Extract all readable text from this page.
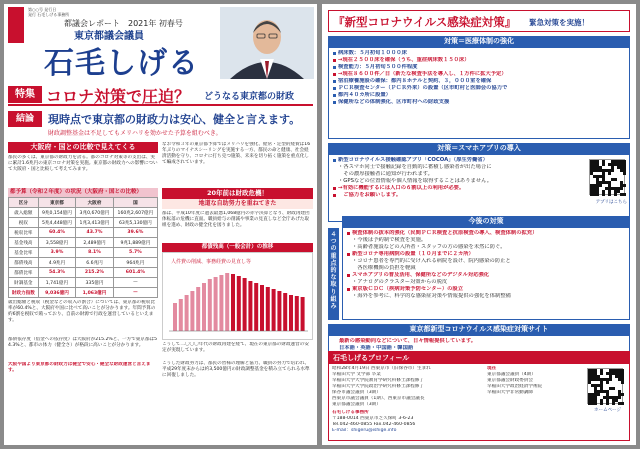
第○○号 発行日
発行 石毛しげる事務所
都議会レポート　2021年 初春号
東京都議会議員
石毛しげる
特集 コロナ対策で圧迫？ どうなる東京都の財政
結論	現時点で東京都の財政力は安心、健全と言えます。
財政調整基金は不足してもメリハリを効かせた予算を組むべき。
大阪府・国との比較で見えてくる
都民の多くは、東京都の財政力を誇る。都のコロナ対策等の支出は、実に累計1.6兆円の東京コロナ対策を実施。東京都の財政力への影響について大阪府・国と比較して考えてみます。
都予算（令和２年度）の状況（大阪府・国との比較）
区分	東京都	大阪府	国
歳入総額	9兆0,154億円	3兆0,670億円	160兆2,607億円
税収	5兆4,448億円	1兆3,413億円	63兆5,130億円
税収比率	60.4%	43.7%	39.6%
基金残高	3,558億円	2,489億円	9兆1,889億円
基金比率	3.9%	8.1%	5.7%
都債残高	4.9兆円	6.6兆円	964兆円
都債比率	54.3%	215.2%	601.4%
財調基金	1,741億円	335億円	—
財政力指数	9,036億円	1,063億円	—
歳出総額と税収（税金などの収入の割合）については、東京都の税収比率が60.4%と、大阪府や国に比べて高いことが分かります。年間予算の約6割を税収で賄っており、自前の財源で行政を運営しているといえます。
都債依存度（借金への依存度）は大阪府が215.2%と、一方で東京都は54.3%と、都市の体力（健全さ）が格段に高いことが分かります。
大阪や国より東京都の財政力は健全で安心・健全な財政運営と言えます。
なお令和３年の東京都予算ではメリハリを強化、経常・定型的経費は16年ぶりのマイナスシーリングを実施する一方、都民の命と健康、社会経済活動を守り、コロナに打ち克つ施策、未来を切り拓く施策を重点化して編成されています。
20年前は財政危機！
地道な自助努力を重ねてきた
都は、平成10年度に過去最悪1,068億円の赤字決算となり、財政再建団体転落の危機に直面。職員給与の削減や事業の見直しなど全庁あげた取組を進め、財政の健全化を図りました。
都債残高（一般会計）の推移
人件費の削減、事務経費の見直し等
こうして二〇〇〇年代の財政再建を経て、現在の東京都の財政運営の安定が実現しています。
こうした財政努力は、都民の皆様の理解と協力、職員の努力で培われ、平成29年度末からは約3,500億円の財政調整基金を積み立てられる水準に回復しました。
『新型コロナウイルス感染症対策』 緊急対策を実施！
対策＝医療体制の強化
病床数：５月初旬１０００床
→現在２５００床を確保（うち、重症病床数１５０床）
検査能力：５月初旬５００件程度
→現在８６００件／日（新たな検査手法を導入し、１万件に拡大予定）
宿泊療養施設の確保：都内８ホテルと契約、３，０００室を確保
ＰＣＲ検査センター（ＰＣＲ外来）の設置（区市町村と医師会の協力で
都内４０カ所に設置）
保健所などの体制強化、区市町村への財政支援
対策＝スマホアプリの導入
新型コロナウイルス接触確認アプリ「COCOA」（厚生労働省）
・各スマホ同士で接触記録を自動的に蓄積し感染者が出た場合に
　その濃厚接触者に通知が行われます。
・GPSなどの位置情報や個人情報を取得することはありません。
→有効に機能するには人口の６割以上の利用が必要。
　ご協力をお願いします。
アプリはこちら
今後の対策
検査体制の抜本的強化（民間ＰＣＲ検査と抗原検査の導入、検査体制の拡充）
・今後は予約制で検査を実施。
・高齢者施設などの入所者・スタッフの方の感染を未然に防ぐ。
新型コロナ専用病院の設置（１０月までに２カ所）
・コロナ患者を専門的に受け入れる病院を設け、院内感染の防止と
　各医療機関の負担を軽減
スマホアプリの普及活用、保健所などのデジタル対応強化
・アナログのクラスター対策からの脱皮
東京版ＣＤＣ（疾病対策予防センター）の設立
・海外を参考に、科学的な感染症対策や情報提供の強化を体制整備
４つの重点的な取り組み
東京都新型コロナウイルス感染症対策サイト
最新の感染動向などについて、日々情報提供しています。
日本語・英語・中国語・韓国語
石毛しげるプロフィール
昭和28年4月19日 西東京市（旧保谷市）生まれ
早稲田大学 文学部 卒業
早稲田大学大学院教育学研究科修士課程修了
早稲田大学大学院政治学研究科修士課程修了
保谷市議会議員（3期）
西東京市議会議員（1期）、西東京市議会議長
東京都議会議員（3期）
現在
東京都議会議員（4期）
東京都議会財政委員会
早稲田大学政治経済学術院
早稲田大学非常勤講師
石毛しげる事務所
〒188-0014 西東京市芝久保町 3-6-23
Tel.042-460-0855 Fax.042-460-0856
E-mail：shigeru@ishige.info
ホームページ
